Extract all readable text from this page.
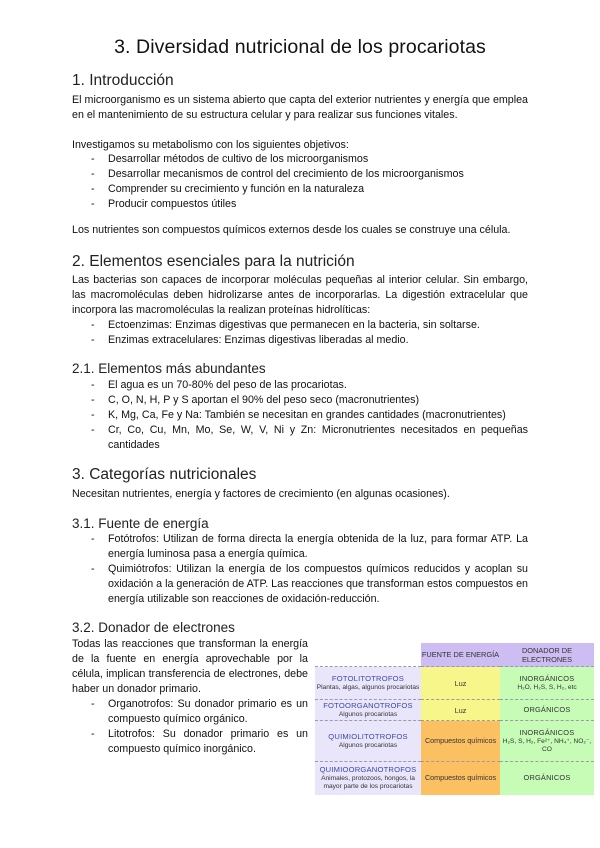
3. Diversidad nutricional de los procariotas
1. Introducción
El microorganismo es un sistema abierto que capta del exterior nutrientes y energía que emplea en el mantenimiento de su estructura celular y para realizar sus funciones vitales.
Investigamos su metabolismo con los siguientes objetivos:
- Desarrollar métodos de cultivo de los microorganismos
- Desarrollar mecanismos de control del crecimiento de los microorganismos
- Comprender su crecimiento y función en la naturaleza
- Producir compuestos útiles
Los nutrientes son compuestos químicos externos desde los cuales se construye una célula.
2. Elementos esenciales para la nutrición
Las bacterias son capaces de incorporar moléculas pequeñas al interior celular. Sin embargo, las macromoléculas deben hidrolizarse antes de incorporarlas. La digestión extracelular que incorpora las macromoléculas la realizan proteínas hidrolíticas:
- Ectoenzimas: Enzimas digestivas que permanecen en la bacteria, sin soltarse.
- Enzimas extracelulares: Enzimas digestivas liberadas al medio.
2.1. Elementos más abundantes
- El agua es un 70-80% del peso de las procariotas.
- C, O, N, H, P y S aportan el 90% del peso seco (macronutrientes)
- K, Mg, Ca, Fe y Na: También se necesitan en grandes cantidades (macronutrientes)
- Cr, Co, Cu, Mn, Mo, Se, W, V, Ni y Zn: Micronutrientes necesitados en pequeñas cantidades
3. Categorías nutricionales
Necesitan nutrientes, energía y factores de crecimiento (en algunas ocasiones).
3.1. Fuente de energía
- Fotótrofos: Utilizan de forma directa la energía obtenida de la luz, para formar ATP. La energía luminosa pasa a energía química.
- Quimiótrofos: Utilizan la energía de los compuestos químicos reducidos y acoplan su oxidación a la generación de ATP. Las reacciones que transforman estos compuestos en energía utilizable son reacciones de oxidación-reducción.
3.2. Donador de electrones
Todas las reacciones que transforman la energía de la fuente en energía aprovechable por la célula, implican transferencia de electrones, debe haber un donador primario.
- Organotrofos: Su donador primario es un compuesto químico orgánico.
- Litotrofos: Su donador primario es un compuesto químico inorgánico.
	FUENTE DE ENERGÍA	DONADOR DE ELECTRONES

FOTOLITOTROFOS
Plantas, algas, algunos procariotas	Luz	INORGÁNICOS
H₂O, H₂S, S, H₂, etc

FOTOORGANOTROFOS
Algunos procariotas	Luz	ORGÁNICOS

QUIMIOLITOTROFOS
Algunos procariotas	Compuestos químicos	INORGÁNICOS
H₂S, S, H₂, Fe²⁺, NH₄⁺, NO₂⁻, CO

QUIMIOORGANOTROFOS
Animales, protozoos, hongos, la mayor parte de los procariotas	Compuestos químicos	ORGÁNICOS
